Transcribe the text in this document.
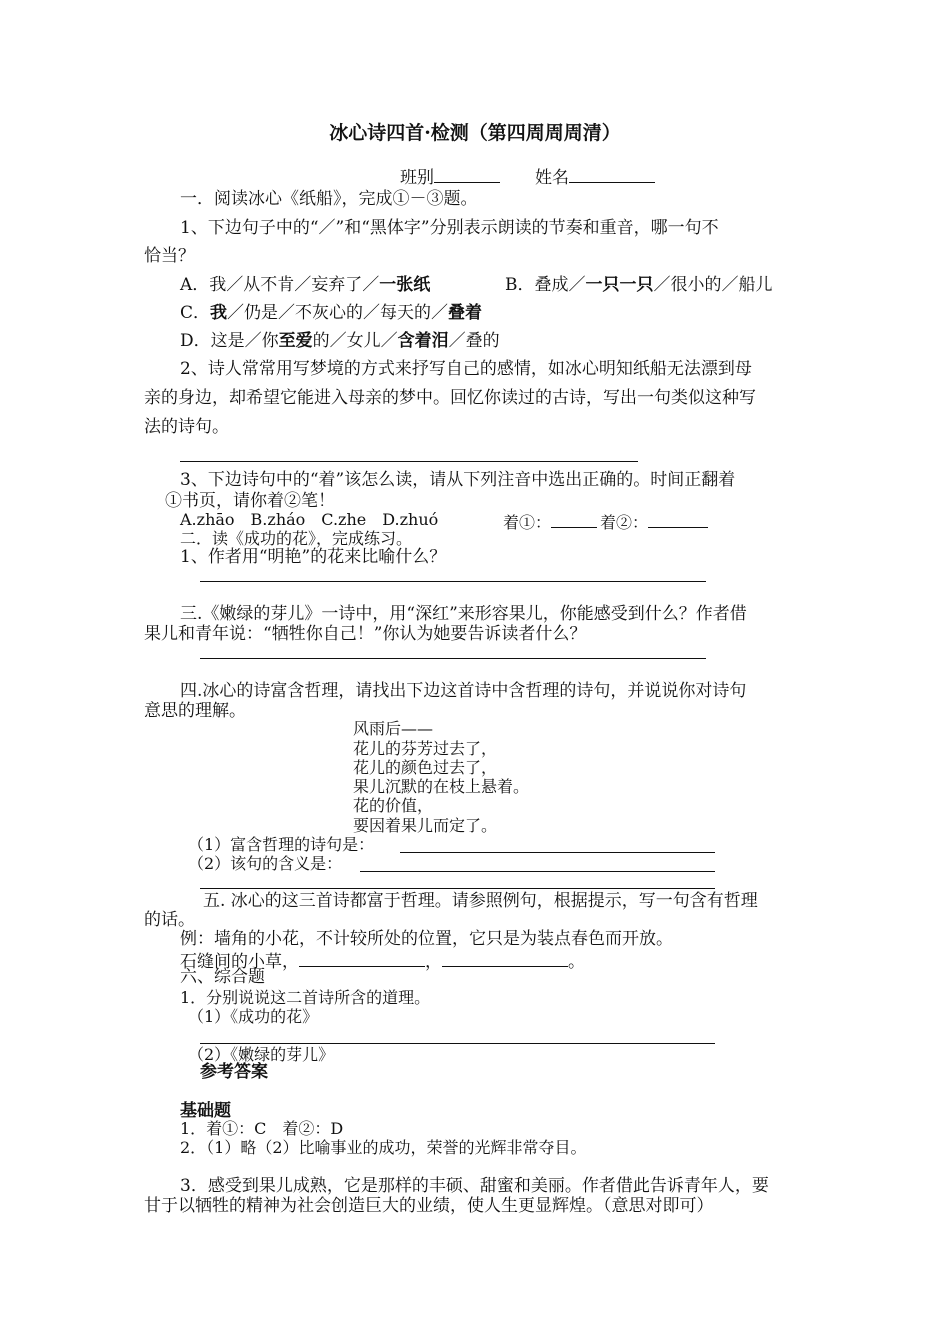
冰心诗四首·检测（第四周周周清）
班别	姓名
一．阅读冰心《纸船》，完成①－③题。
1、下边句子中的“／”和“黑体字”分别表示朗读的节奏和重音，哪一句不
恰当？
A．我／从不肯／妄弃了／一张纸	B．叠成／一只一只／很小的／船儿
C．我／仍是／不灰心的／每天的／叠着
D．这是／你至爱的／女儿／含着泪／叠的
2、诗人常常用写梦境的方式来抒写自己的感情，如冰心明知纸船无法漂到母
亲的身边，却希望它能进入母亲的梦中。回忆你读过的古诗，写出一句类似这种写
法的诗句。
3、下边诗句中的“着”该怎么读，请从下列注音中选出正确的。时间正翻着
①书页，请你着②笔！
A.zhāo　B.zháo　C.zhe　D.zhuó	着①：	着②：
二．读《成功的花》，完成练习。
1、作者用“明艳”的花来比喻什么？
三.《嫩绿的芽儿》一诗中，用“深红”来形容果儿，你能感受到什么？作者借
果儿和青年说：“牺牲你自己！”你认为她要告诉读者什么？
四.冰心的诗富含哲理，请找出下边这首诗中含哲理的诗句，并说说你对诗句
意思的理解。
风雨后——
花儿的芬芳过去了，
花儿的颜色过去了，
果儿沉默的在枝上悬着。
花的价值，
要因着果儿而定了。
（1）富含哲理的诗句是：
（2）该句的含义是：
五. 冰心的这三首诗都富于哲理。请参照例句，根据提示，写一句含有哲理
的话。
例：墙角的小花，不计较所处的位置，它只是为装点春色而开放。
石缝间的小草，	，	。
六、综合题
1．分别说说这二首诗所含的道理。
（1）《成功的花》
（2）《嫩绿的芽儿》
参考答案
基础题
1．着①：C　着②：D
2．（1）略（2）比喻事业的成功，荣誉的光辉非常夺目。
3．感受到果儿成熟，它是那样的丰硕、甜蜜和美丽。作者借此告诉青年人，要
甘于以牺牲的精神为社会创造巨大的业绩，使人生更显辉煌。（意思对即可）
